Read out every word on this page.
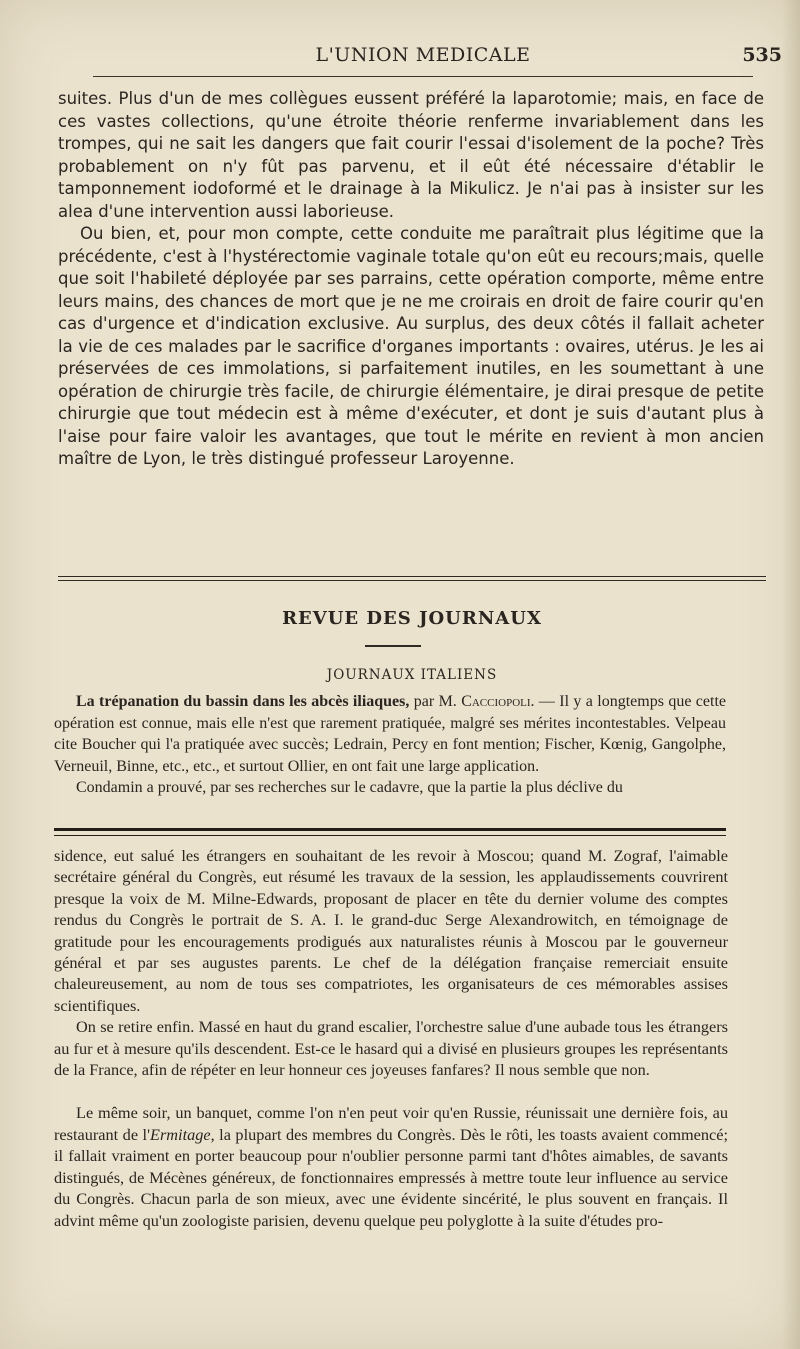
L'UNION MEDICALE	535

suites. Plus d'un de mes collègues eussent préféré la laparotomie; mais, en face de ces vastes collections, qu'une étroite théorie renferme invariablement dans les trompes, qui ne sait les dangers que fait courir l'essai d'isolement de la poche? Très probablement on n'y fût pas parvenu, et il eût été nécessaire d'établir le tamponnement iodoformé et le drainage à la Mikulicz. Je n'ai pas à insister sur les alea d'une intervention aussi laborieuse.

Ou bien, et, pour mon compte, cette conduite me paraîtrait plus légitime que la précédente, c'est à l'hystérectomie vaginale totale qu'on eût eu recours;mais, quelle que soit l'habileté déployée par ses parrains, cette opération comporte, même entre leurs mains, des chances de mort que je ne me croirais en droit de faire courir qu'en cas d'urgence et d'indication exclusive. Au surplus, des deux côtés il fallait acheter la vie de ces malades par le sacrifice d'organes importants : ovaires, utérus. Je les ai préservées de ces immolations, si parfaitement inutiles, en les soumettant à une opération de chirurgie très facile, de chirurgie élémentaire, je dirai presque de petite chirurgie que tout médecin est à même d'exécuter, et dont je suis d'autant plus à l'aise pour faire valoir les avantages, que tout le mérite en revient à mon ancien maître de Lyon, le très distingué professeur Laroyenne.

REVUE DES JOURNAUX
JOURNAUX ITALIENS

La trépanation du bassin dans les abcès iliaques, par M. Cacciopoli. — Il y a longtemps que cette opération est connue, mais elle n'est que rarement pratiquée, malgré ses mérites incontestables. Velpeau cite Boucher qui l'a pratiquée avec succès; Ledrain, Percy en font mention; Fischer, Kœnig, Gangolphe, Verneuil, Binne, etc., etc., et surtout Ollier, en ont fait une large application.

Condamin a prouvé, par ses recherches sur le cadavre, que la partie la plus déclive du

sidence, eut salué les étrangers en souhaitant de les revoir à Moscou; quand M. Zograf, l'aimable secrétaire général du Congrès, eut résumé les travaux de la session, les applaudissements couvrirent presque la voix de M. Milne-Edwards, proposant de placer en tête du dernier volume des comptes rendus du Congrès le portrait de S. A. I. le grand-duc Serge Alexandrowitch, en témoignage de gratitude pour les encouragements prodigués aux naturalistes réunis à Moscou par le gouverneur général et par ses augustes parents. Le chef de la délégation française remerciait ensuite chaleureusement, au nom de tous ses compatriotes, les organisateurs de ces mémorables assises scientifiques.

On se retire enfin. Massé en haut du grand escalier, l'orchestre salue d'une aubade tous les étrangers au fur et à mesure qu'ils descendent. Est-ce le hasard qui a divisé en plusieurs groupes les représentants de la France, afin de répéter en leur honneur ces joyeuses fanfares? Il nous semble que non.

Le même soir, un banquet, comme l'on n'en peut voir qu'en Russie, réunissait une dernière fois, au restaurant de l'Ermitage, la plupart des membres du Congrès. Dès le rôti, les toasts avaient commencé; il fallait vraiment en porter beaucoup pour n'oublier personne parmi tant d'hôtes aimables, de savants distingués, de Mécènes généreux, de fonctionnaires empressés à mettre toute leur influence au service du Congrès. Chacun parla de son mieux, avec une évidente sincérité, le plus souvent en français. Il advint même qu'un zoologiste parisien, devenu quelque peu polyglotte à la suite d'études pro-
